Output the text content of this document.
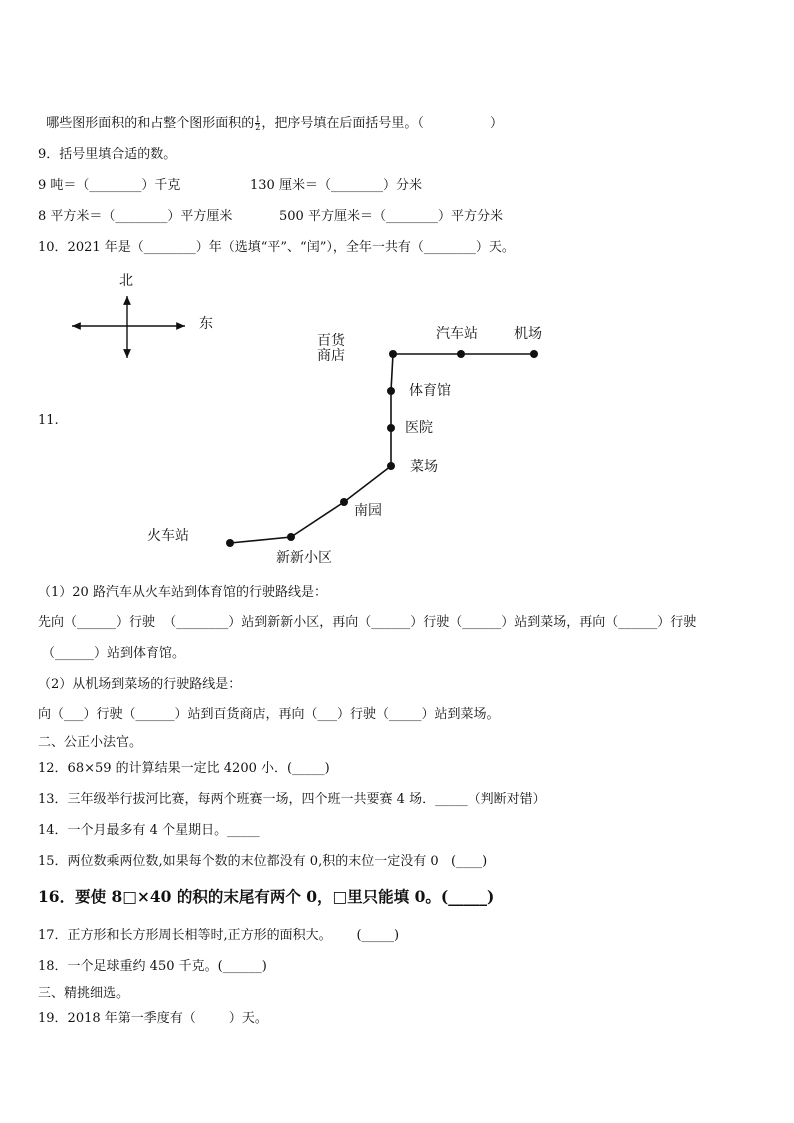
哪些图形面积的和占整个图形面积的 $\frac{1}{2}$ ，把序号填在后面括号里。（                ）

9．括号里填合适的数。
9 吨＝（________）千克	130 厘米＝（________）分米
8 平方米＝（________）平方厘米	500 平方厘米＝（________）平方分米
10．2021 年是（________）年（选填“平”、“闰”），全年一共有（________）天。
11.
北
东
百货
商店
汽车站	机场
体育馆
医院
菜场
南园
火车站
新新小区
（1）20 路汽车从火车站到体育馆的行驶路线是：
先向（______）行驶  （________）站到新新小区，再向（______）行驶（______）站到菜场，再向（______）行驶
（______）站到体育馆。
（2）从机场到菜场的行驶路线是：
向（___）行驶（______）站到百货商店，再向（___）行驶（_____）站到菜场。
二、公正小法官。
12．68×59 的计算结果一定比 4200 小．(_____)
13．三年级举行拔河比赛，每两个班赛一场，四个班一共要赛 4 场．_____（判断对错）
14．一个月最多有 4 个星期日。_____
15．两位数乘两位数,如果每个数的末位都没有 0,积的末位一定没有 0   (____)
16．要使 8□×40 的积的末尾有两个 0，□里只能填 0。(_____)
17．正方形和长方形周长相等时,正方形的面积大。      (_____)
18．一个足球重约 450 千克。(______)
三、精挑细选。
19．2018 年第一季度有（        ）天。
